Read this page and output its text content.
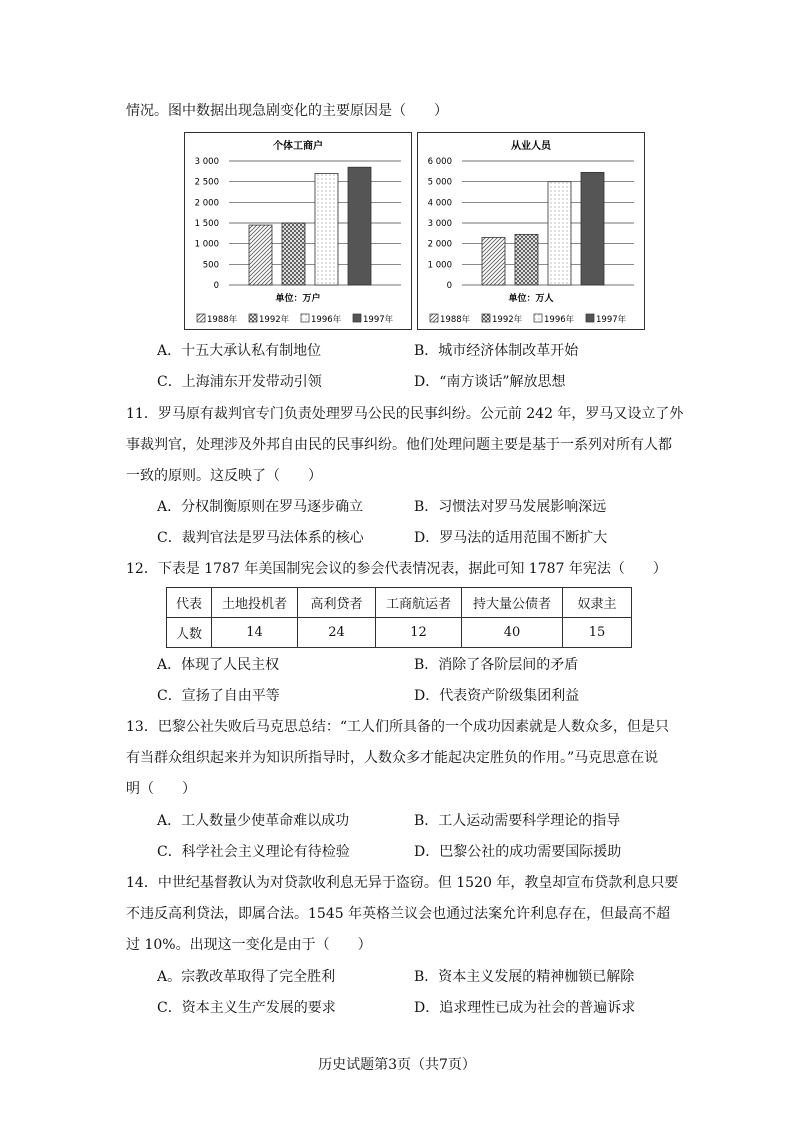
情况。图中数据出现急剧变化的主要原因是（　　）
个体工商户
0
500
1 000
1 500
2 000
2 500
3 000
单位：万户
1988年	1992年	1996年	1997年
从业人员
0
1 000
2 000
3 000
4 000
5 000
6 000
单位：万人
1988年	1992年	1996年	1997年
A．十五大承认私有制地位	B．城市经济体制改革开始
C．上海浦东开发带动引领	D．“南方谈话”解放思想
11．罗马原有裁判官专门负责处理罗马公民的民事纠纷。公元前 242 年，罗马又设立了外
事裁判官，处理涉及外邦自由民的民事纠纷。他们处理问题主要是基于一系列对所有人都
一致的原则。这反映了（　　）
A．分权制衡原则在罗马逐步确立	B．习惯法对罗马发展影响深远
C．裁判官法是罗马法体系的核心	D．罗马法的适用范围不断扩大
12．下表是 1787 年美国制宪会议的参会代表情况表，据此可知 1787 年宪法（　　）
代表	土地投机者	高利贷者	工商航运者	持大量公债者	奴隶主
人数	14	24	12	40	15
A．体现了人民主权	B．消除了各阶层间的矛盾
C．宣扬了自由平等	D．代表资产阶级集团利益
13．巴黎公社失败后马克思总结：“工人们所具备的一个成功因素就是人数众多，但是只
有当群众组织起来并为知识所指导时，人数众多才能起决定胜负的作用。”马克思意在说
明（　　）
A．工人数量少使革命难以成功	B．工人运动需要科学理论的指导
C．科学社会主义理论有待检验	D．巴黎公社的成功需要国际援助
14．中世纪基督教认为对贷款收利息无异于盗窃。但 1520 年，教皇却宣布贷款利息只要
不违反高利贷法，即属合法。1545 年英格兰议会也通过法案允许利息存在，但最高不超
过 10%。出现这一变化是由于（　　）
A。宗教改革取得了完全胜利	B．资本主义发展的精神枷锁已解除
C．资本主义生产发展的要求	D．追求理性已成为社会的普遍诉求
历史试题第3页（共7页）
